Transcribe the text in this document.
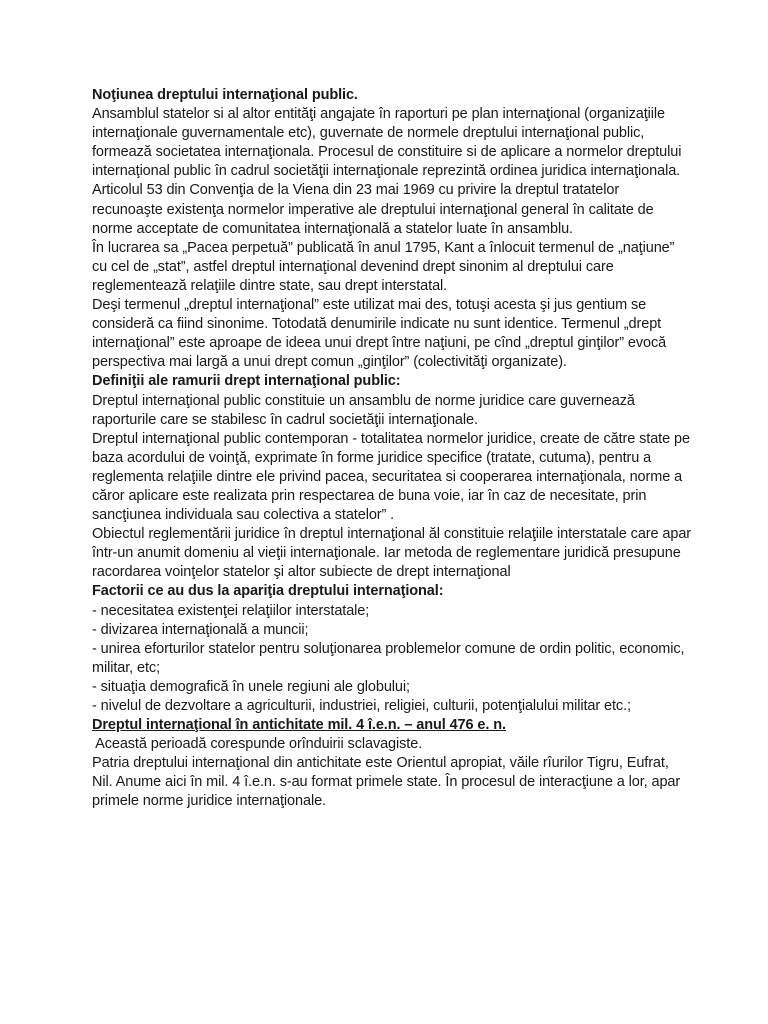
Noţiunea dreptului internaţional public.

Ansamblul statelor si al altor entităţi angajate în raporturi pe plan internaţional (organizaţiile internaţionale guvernamentale etc), guvernate de normele dreptului internaţional public, formează societatea internaţionala. Procesul de constituire si de aplicare a normelor dreptului internaţional public în cadrul societăţii internaţionale reprezintă ordinea juridica internaţionala.

Articolul 53 din Convenţia de la Viena din 23 mai 1969 cu privire la dreptul tratatelor recunoaşte existenţa normelor imperative ale dreptului internaţional general în calitate de norme acceptate de comunitatea internaţională a statelor luate în ansamblu.

În lucrarea sa „Pacea perpetuă” publicată în anul 1795, Kant a înlocuit termenul de „naţiune” cu cel de „stat”, astfel dreptul internaţional devenind drept sinonim al dreptului care reglementează relaţiile dintre state, sau drept interstatal.

Deşi termenul „dreptul internaţional” este utilizat mai des, totuşi acesta şi jus gentium se consideră ca fiind sinonime. Totodată denumirile indicate nu sunt identice. Termenul „drept internaţional” este aproape de ideea unui drept între naţiuni, pe cînd „dreptul ginţilor” evocă perspectiva mai largă a unui drept comun „ginţilor” (colectivităţi organizate).

Definiţii ale ramurii drept internaţional public:

Dreptul internaţional public constituie un ansamblu de norme juridice care guvernează raporturile care se stabilesc în cadrul societăţii internaţionale.

Dreptul internaţional public contemporan - totalitatea normelor juridice, create de către state pe baza acordului de voinţă, exprimate în forme juridice specifice (tratate, cutuma), pentru a reglementa relaţiile dintre ele privind pacea, securitatea si cooperarea internaţionala, norme a căror aplicare este realizata prin respectarea de buna voie, iar în caz de necesitate, prin sancţiunea individuala sau colectiva a statelor” .

Obiectul reglementării juridice în dreptul internaţional ăl constituie relaţiile interstatale care apar într-un anumit domeniu al vieţii internaţionale. Iar metoda de reglementare juridică presupune racordarea voinţelor statelor şi altor subiecte de drept internaţional

Factorii ce au dus la apariţia dreptului internaţional:

- necesitatea existenţei relaţiilor interstatale;

- divizarea internaţională a muncii;

- unirea eforturilor statelor pentru soluţionarea problemelor comune de ordin politic, economic, militar, etc;

- situaţia demografică în unele regiuni ale globului;

- nivelul de dezvoltare a agriculturii, industriei, religiei, culturii, potenţialului militar etc.;

Dreptul internaţional în antichitate mil. 4 î.e.n. – anul 476 e. n.

Această perioadă corespunde orînduirii sclavagiste.

Patria dreptului internaţional din antichitate este Orientul apropiat, văile rîurilor Tigru, Eufrat, Nil. Anume aici în mil. 4 î.e.n. s-au format primele state. În procesul de interacţiune a lor, apar primele norme juridice internaţionale.
